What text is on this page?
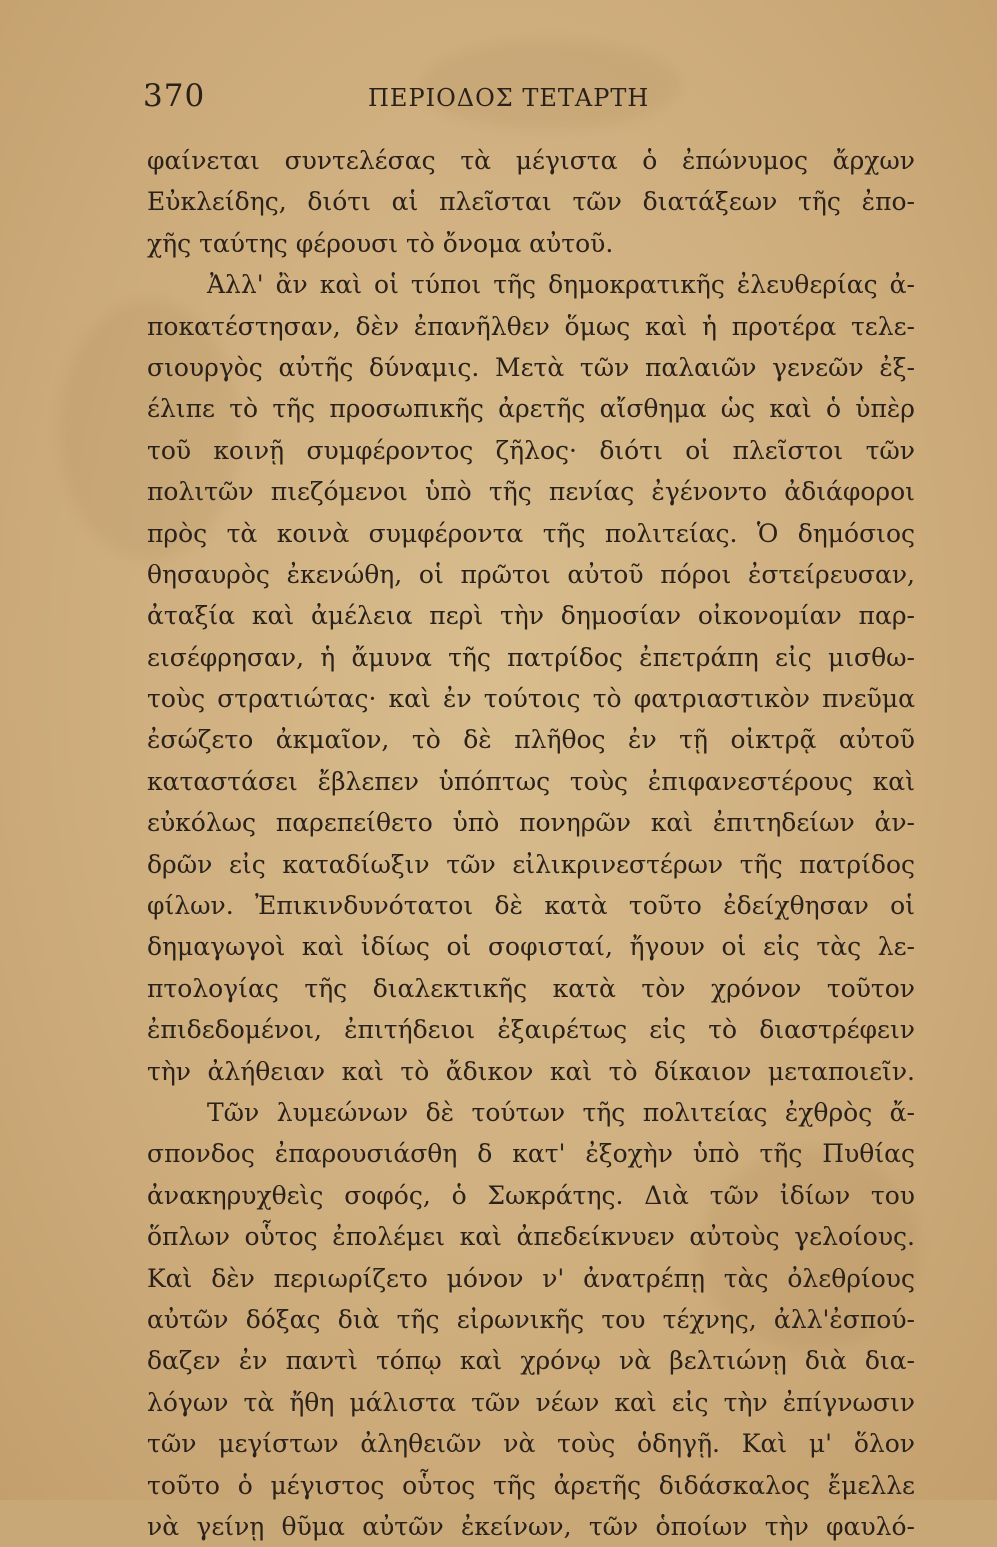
370	ΠΕΡΙΟΔΟΣ ΤΕΤΑΡΤΗ
φαίνεται συντελέσας τὰ μέγιστα ὁ ἐπώνυμος ἄρχων
Εὐκλείδης, διότι αἱ πλεῖσται τῶν διατάξεων τῆς ἐπο-
χῆς ταύτης φέρουσι τὸ ὄνομα αὐτοῦ.
Ἀλλ' ἂν καὶ οἱ τύποι τῆς δημοκρατικῆς ἐλευθερίας ἀ-
ποκατέστησαν, δὲν ἐπανῆλθεν ὅμως καὶ ἡ προτέρα τελε-
σιουργὸς αὐτῆς δύναμις. Μετὰ τῶν παλαιῶν γενεῶν ἐξ-
έλιπε τὸ τῆς προσωπικῆς ἀρετῆς αἴσθημα ὡς καὶ ὁ ὑπὲρ
τοῦ κοινῇ συμφέροντος ζῆλος· διότι οἱ πλεῖστοι τῶν
πολιτῶν πιεζόμενοι ὑπὸ τῆς πενίας ἐγένοντο ἀδιάφοροι
πρὸς τὰ κοινὰ συμφέροντα τῆς πολιτείας. Ὁ δημόσιος
θησαυρὸς ἐκενώθη, οἱ πρῶτοι αὐτοῦ πόροι ἐστείρευσαν,
ἀταξία καὶ ἀμέλεια περὶ τὴν δημοσίαν οἰκονομίαν παρ-
εισέφρησαν, ἡ ἄμυνα τῆς πατρίδος ἐπετράπη εἰς μισθω-
τοὺς στρατιώτας· καὶ ἐν τούτοις τὸ φατριαστικὸν πνεῦμα
ἐσώζετο ἀκμαῖον, τὸ δὲ πλῆθος ἐν τῇ οἰκτρᾷ αὐτοῦ
καταστάσει ἔβλεπεν ὑπόπτως τοὺς ἐπιφανεστέρους καὶ
εὐκόλως παρεπείθετο ὑπὸ πονηρῶν καὶ ἐπιτηδείων ἀν-
δρῶν εἰς καταδίωξιν τῶν εἰλικρινεστέρων τῆς πατρίδος
φίλων. Ἐπικινδυνότατοι δὲ κατὰ τοῦτο ἐδείχθησαν οἱ
δημαγωγοὶ καὶ ἰδίως οἱ σοφισταί, ἤγουν οἱ εἰς τὰς λε-
πτολογίας τῆς διαλεκτικῆς κατὰ τὸν χρόνον τοῦτον
ἐπιδεδομένοι, ἐπιτήδειοι ἐξαιρέτως εἰς τὸ διαστρέφειν
τὴν ἀλήθειαν καὶ τὸ ἄδικον καὶ τὸ δίκαιον μεταποιεῖν.
Τῶν λυμεώνων δὲ τούτων τῆς πολιτείας ἐχθρὸς ἄ-
σπονδος ἐπαρουσιάσθη δ κατ' ἐξοχὴν ὑπὸ τῆς Πυθίας
ἀνακηρυχθεὶς σοφός, ὁ Σωκράτης. Διὰ τῶν ἰδίων του
ὅπλων οὗτος ἐπολέμει καὶ ἀπεδείκνυεν αὐτοὺς γελοίους.
Καὶ δὲν περιωρίζετο μόνον ν' ἀνατρέπῃ τὰς ὀλεθρίους
αὐτῶν δόξας διὰ τῆς εἰρωνικῆς του τέχνης, ἀλλ'ἐσπού-
δαζεν ἐν παντὶ τόπῳ καὶ χρόνῳ νὰ βελτιώνῃ διὰ δια-
λόγων τὰ ἤθη μάλιστα τῶν νέων καὶ εἰς τὴν ἐπίγνωσιν
τῶν μεγίστων ἀληθειῶν νὰ τοὺς ὁδηγῇ. Καὶ μ' ὅλον
τοῦτο ὁ μέγιστος οὗτος τῆς ἀρετῆς διδάσκαλος ἔμελλε
νὰ γείνῃ θῦμα αὐτῶν ἐκείνων, τῶν ὁποίων τὴν φαυλό-
